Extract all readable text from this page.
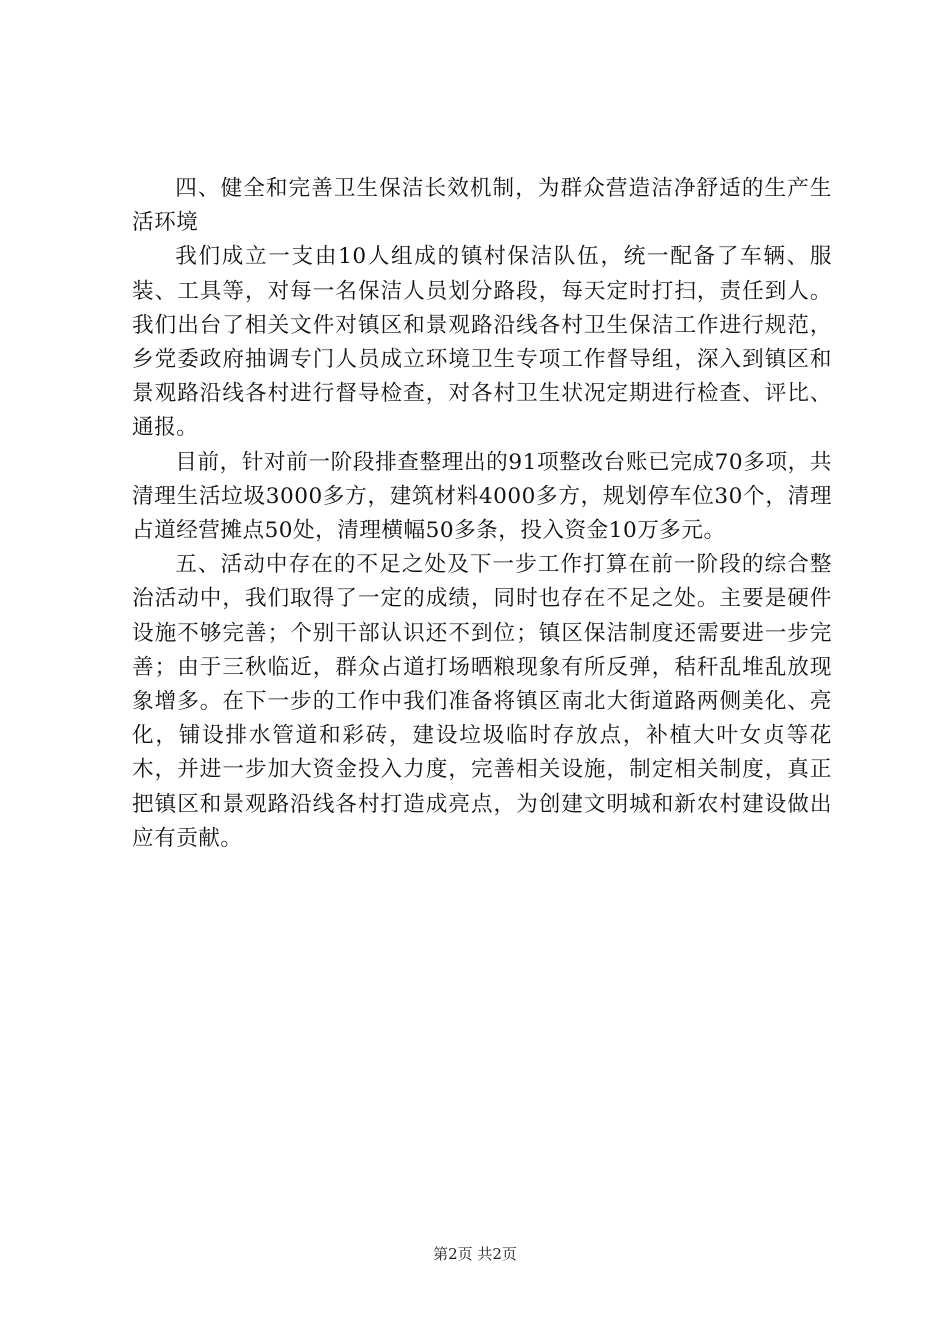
四、健全和完善卫生保洁长效机制，为群众营造洁净舒适的生产生活环境

我们成立一支由10人组成的镇村保洁队伍，统一配备了车辆、服装、工具等，对每一名保洁人员划分路段，每天定时打扫，责任到人。我们出台了相关文件对镇区和景观路沿线各村卫生保洁工作进行规范，乡党委政府抽调专门人员成立环境卫生专项工作督导组，深入到镇区和景观路沿线各村进行督导检查，对各村卫生状况定期进行检查、评比、通报。

目前，针对前一阶段排查整理出的91项整改台账已完成70多项，共清理生活垃圾3000多方，建筑材料4000多方，规划停车位30个，清理占道经营摊点50处，清理横幅50多条，投入资金10万多元。

五、活动中存在的不足之处及下一步工作打算在前一阶段的综合整治活动中，我们取得了一定的成绩，同时也存在不足之处。主要是硬件设施不够完善；个别干部认识还不到位；镇区保洁制度还需要进一步完善；由于三秋临近，群众占道打场晒粮现象有所反弹，秸秆乱堆乱放现象增多。在下一步的工作中我们准备将镇区南北大街道路两侧美化、亮化，铺设排水管道和彩砖，建设垃圾临时存放点，补植大叶女贞等花木，并进一步加大资金投入力度，完善相关设施，制定相关制度，真正把镇区和景观路沿线各村打造成亮点，为创建文明城和新农村建设做出应有贡献。

第2页 共2页
